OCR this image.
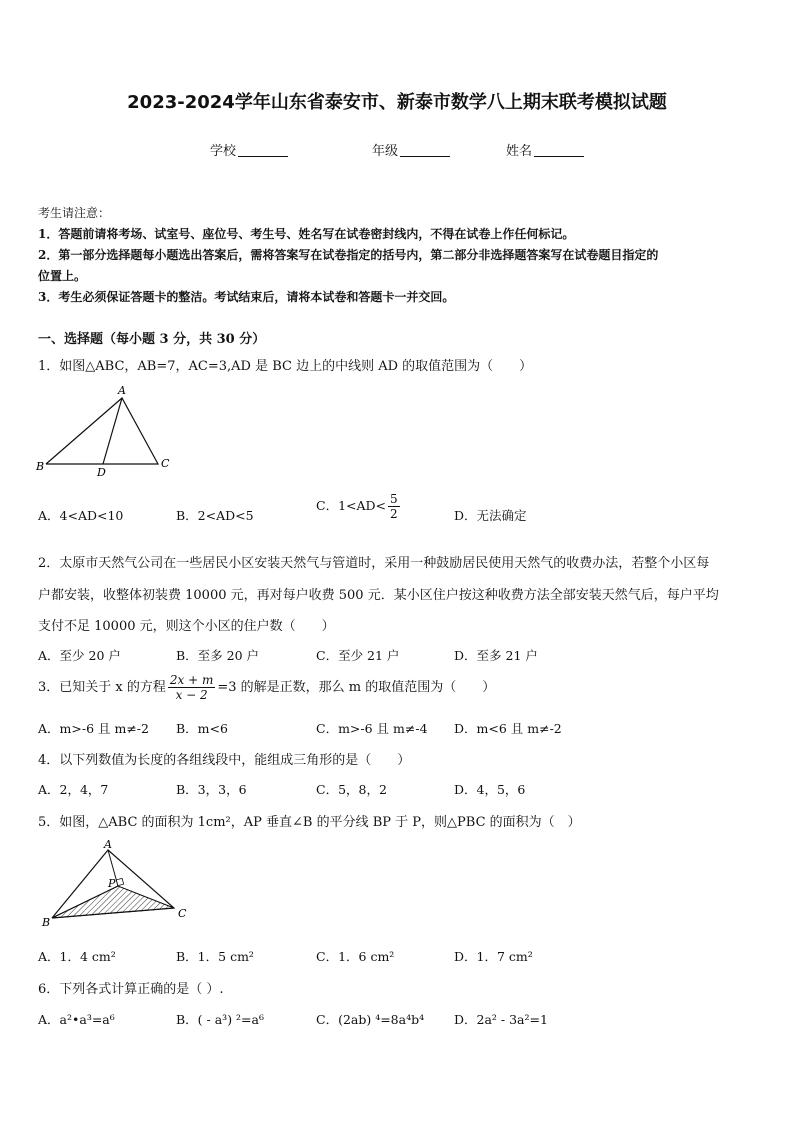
2023-2024学年山东省泰安市、新泰市数学八上期末联考模拟试题
学校	年级	姓名
考生请注意：
1．答题前请将考场、试室号、座位号、考生号、姓名写在试卷密封线内，不得在试卷上作任何标记。
2．第一部分选择题每小题选出答案后，需将答案写在试卷指定的括号内，第二部分非选择题答案写在试卷题目指定的
位置上。
3．考生必须保证答题卡的整洁。考试结束后，请将本试卷和答题卡一并交回。
一、选择题（每小题 3 分，共 30 分）
1．如图△ABC，AB=7，AC=3,AD 是 BC 边上的中线则 AD 的取值范围为（　　）
A
B	D
C
A．4<AD<10	B．2<AD<5
C．$1<AD< \frac{5}{2}$	D．无法确定
2．太原市天然气公司在一些居民小区安装天然气与管道时，采用一种鼓励居民使用天然气的收费办法，若整个小区每
户都安装，收整体初装费 10000 元，再对每户收费 500 元．某小区住户按这种收费方法全部安装天然气后，每户平均
支付不足 10000 元，则这个小区的住户数（　　）
A．至少 20 户	B．至多 20 户	C．至少 21 户	D．至多 21 户
3．已知关于 x 的方程 $\frac{2x + m}{x - 2} =3$ 的解是正数，那么 m 的取值范围为（　　）
A．m>-6 且 m≠-2 B．m<6	C．m>-6 且 m≠-4 D．m<6 且 m≠-2
4．以下列数值为长度的各组线段中，能组成三角形的是（　　）
A．2，4，7	B．3，3，6	C．5，8，2	D．4，5，6
5．如图，△ABC 的面积为 1cm²，AP 垂直∠B 的平分线 BP 于 P，则△PBC 的面积为（　）
A
P
B
C
A．1．4 cm²	B．1．5 cm²	C．1．6 cm²	D．1．7 cm²
6．下列各式计算正确的是（ ）.
A．a²•a³=a⁶	B．( - a³) ²=a⁶	C．(2ab) ⁴=8a⁴b⁴ D．2a² - 3a²=1
